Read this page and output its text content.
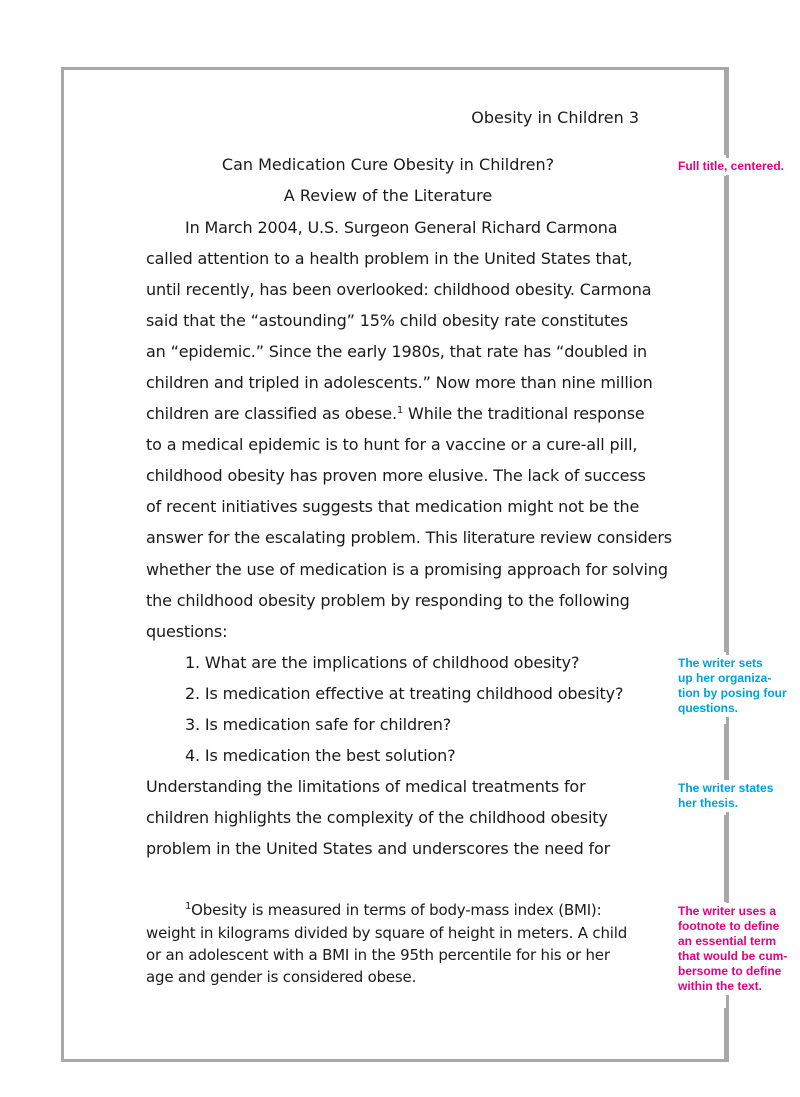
Obesity in Children 3
Can Medication Cure Obesity in Children?
A Review of the Literature
In March 2004, U.S. Surgeon General Richard Carmona
called attention to a health problem in the United States that,
until recently, has been overlooked: childhood obesity. Carmona
said that the “astounding” 15% child obesity rate constitutes
an “epidemic.” Since the early 1980s, that rate has “doubled in
children and tripled in adolescents.” Now more than nine million
children are classified as obese.$^1$ While the traditional response
to a medical epidemic is to hunt for a vaccine or a cure-all pill,
childhood obesity has proven more elusive. The lack of success
of recent initiatives suggests that medication might not be the
answer for the escalating problem. This literature review considers
whether the use of medication is a promising approach for solving
the childhood obesity problem by responding to the following
questions:
1. What are the implications of childhood obesity?
2. Is medication effective at treating childhood obesity?
3. Is medication safe for children?
4. Is medication the best solution?
Understanding the limitations of medical treatments for
children highlights the complexity of the childhood obesity
problem in the United States and underscores the need for
$^1$Obesity is measured in terms of body-mass index (BMI):
weight in kilograms divided by square of height in meters. A child
or an adolescent with a BMI in the 95th percentile for his or her
age and gender is considered obese.
Full title, centered.
The writer sets
up her organiza-
tion by posing four
questions.
The writer states
her thesis.
The writer uses a
footnote to define
an essential term
that would be cum-
bersome to define
within the text.
